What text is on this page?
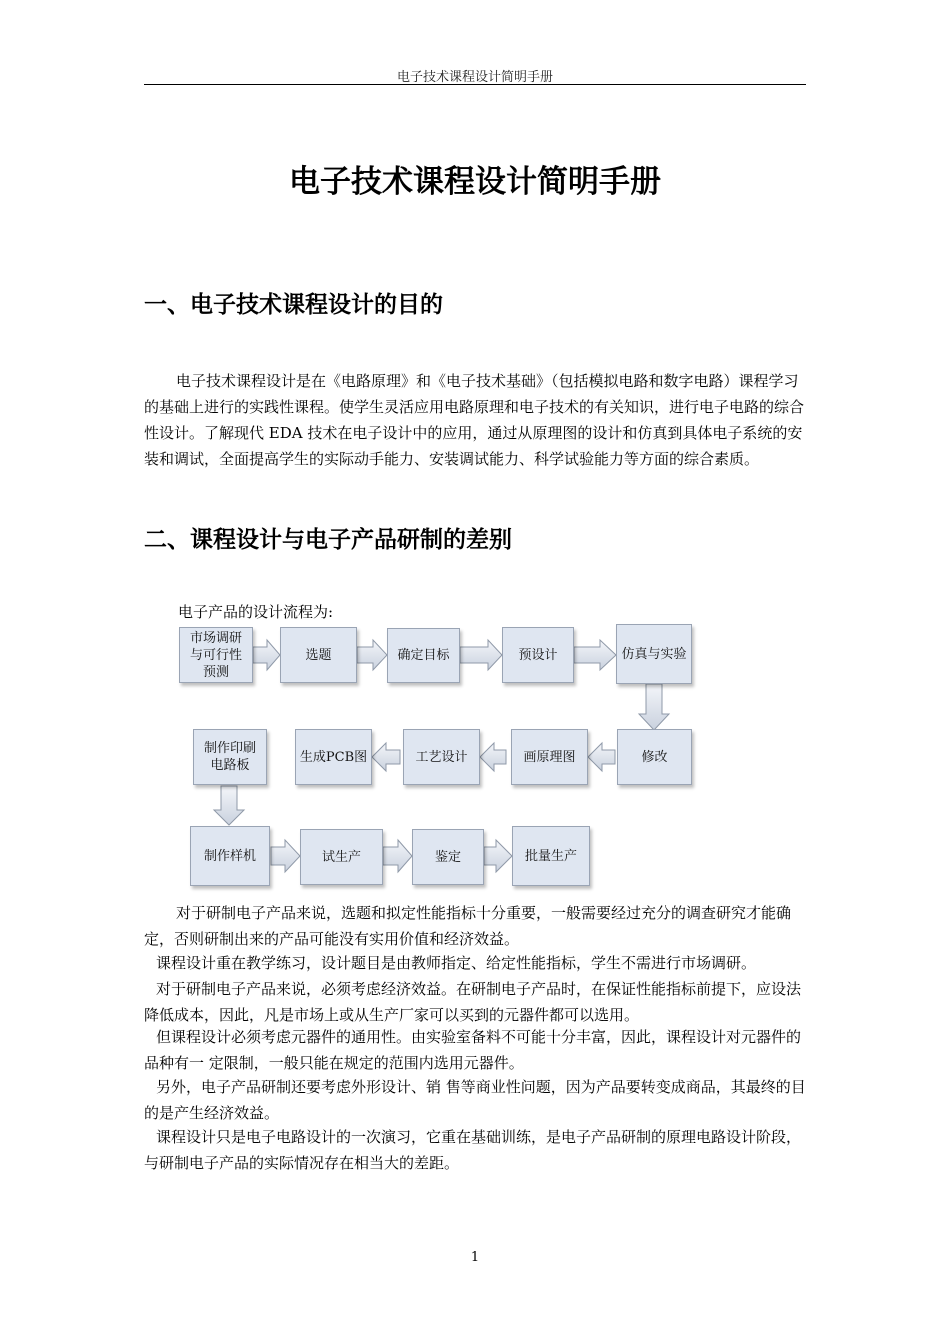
电子技术课程设计简明手册
电子技术课程设计简明手册
一、电子技术课程设计的目的

电子技术课程设计是在《电路原理》和《电子技术基础》（包括模拟电路和数字电路）课程学习的基础上进行的实践性课程。使学生灵活应用电路原理和电子技术的有关知识，进行电子电路的综合性设计。了解现代 EDA 技术在电子设计中的应用，通过从原理图的设计和仿真到具体电子系统的安装和调试，全面提高学生的实际动手能力、安装调试能力、科学试验能力等方面的综合素质。

二、课程设计与电子产品研制的差别

电子产品的设计流程为:

市场调研
与可行性
预测
选题	确定目标	预设计	仿真与实验
修改
画原理图
工艺设计
生成PCB图
制作印刷
电路板
制作样机	试生产	鉴定	批量生产

对于研制电子产品来说，选题和拟定性能指标十分重要，一般需要经过充分的调查研究才能确定，否则研制出来的产品可能没有实用价值和经济效益。

课程设计重在教学练习，设计题目是由教师指定、给定性能指标，学生不需进行市场调研。

对于研制电子产品来说，必须考虑经济效益。在研制电子产品时，在保证性能指标前提下，应设法降低成本，因此，凡是市场上或从生产厂家可以买到的元器件都可以选用。

但课程设计必须考虑元器件的通用性。由实验室备料不可能十分丰富，因此，课程设计对元器件的品种有一 定限制，一般只能在规定的范围内选用元器件。

另外，电子产品研制还要考虑外形设计、销 售等商业性问题，因为产品要转变成商品，其最终的目的是产生经济效益。

课程设计只是电子电路设计的一次演习，它重在基础训练，是电子产品研制的原理电路设计阶段，与研制电子产品的实际情况存在相当大的差距。

1
